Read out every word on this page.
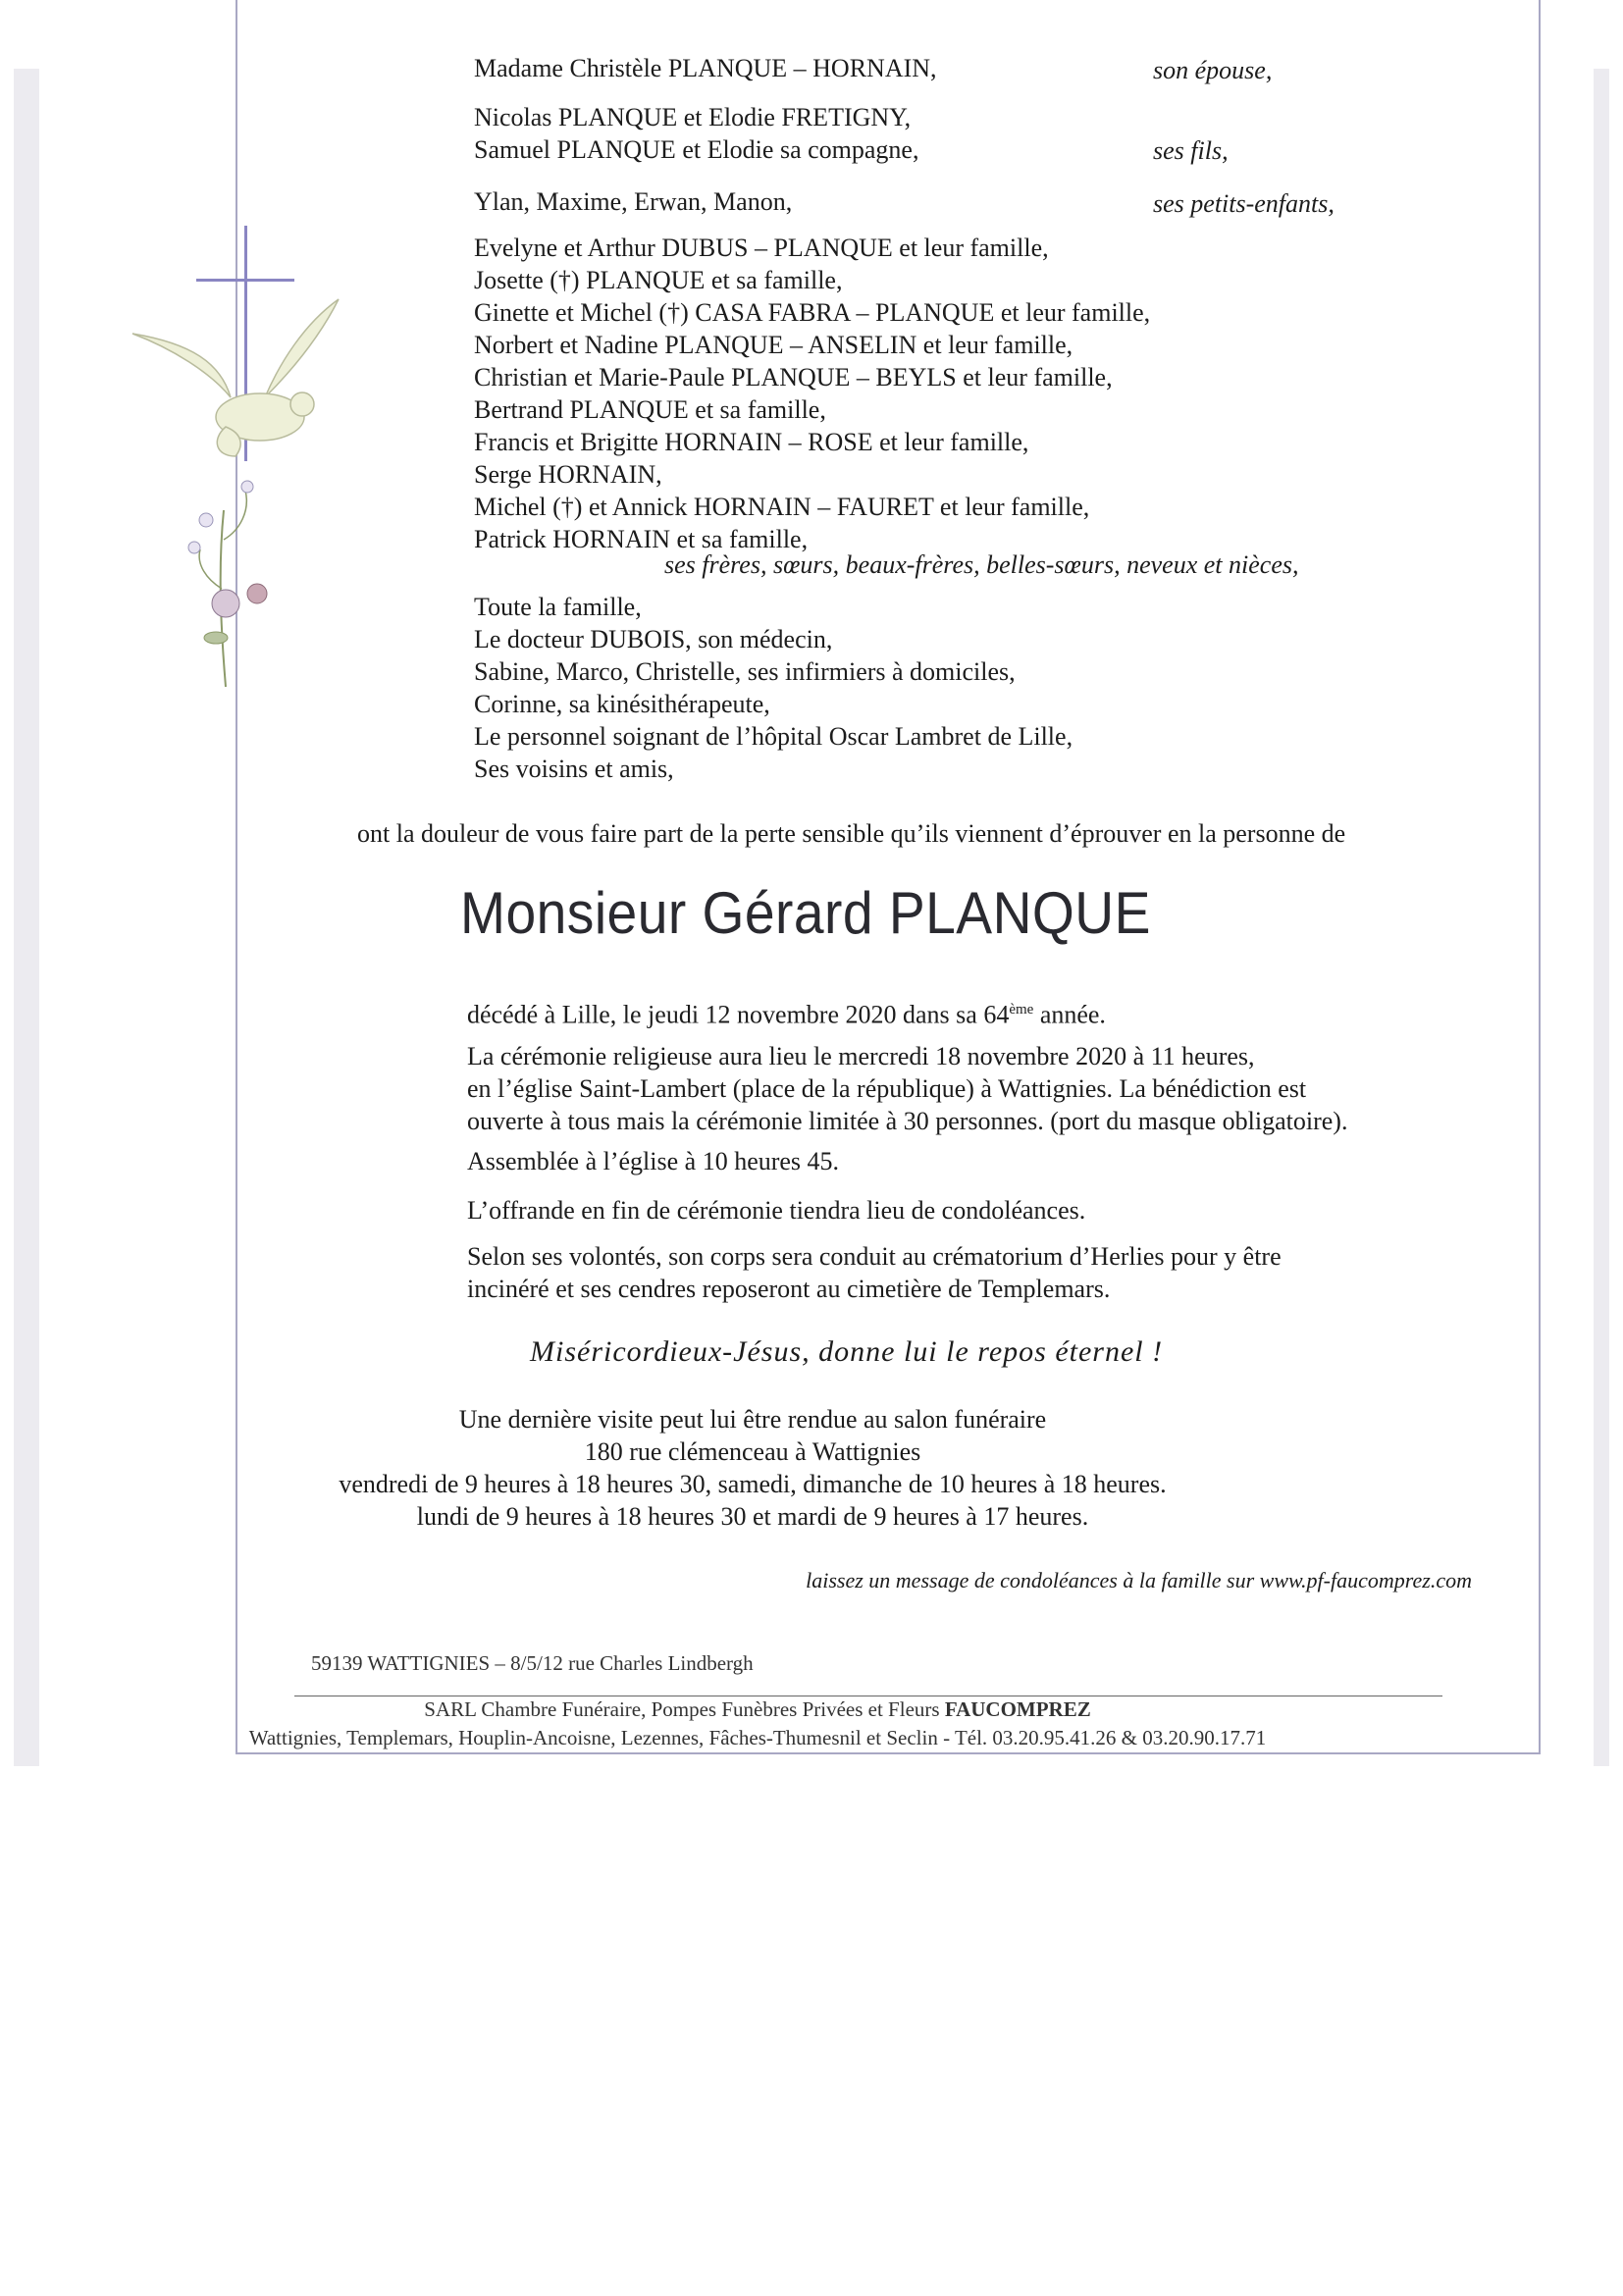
Madame Christèle PLANQUE – HORNAIN,	son épouse,
Nicolas PLANQUE et Elodie FRETIGNY,
Samuel PLANQUE et Elodie sa compagne,	ses fils,
Ylan, Maxime, Erwan, Manon,	ses petits-enfants,
Evelyne et Arthur DUBUS – PLANQUE et leur famille,
Josette (†) PLANQUE et sa famille,
Ginette et Michel (†) CASA FABRA – PLANQUE et leur famille,
Norbert et Nadine PLANQUE – ANSELIN et leur famille,
Christian et Marie-Paule PLANQUE – BEYLS et leur famille,
Bertrand PLANQUE et sa famille,
Francis et Brigitte HORNAIN – ROSE et leur famille,
Serge HORNAIN,
Michel (†) et Annick HORNAIN – FAURET et leur famille,
Patrick HORNAIN et sa famille,
ses frères, sœurs, beaux-frères, belles-sœurs, neveux et nièces,
Toute la famille,
Le docteur DUBOIS, son médecin,
Sabine, Marco, Christelle, ses infirmiers à domiciles,
Corinne, sa kinésithérapeute,
Le personnel soignant de l’hôpital Oscar Lambret de Lille,
Ses voisins et amis,
ont la douleur de vous faire part de la perte sensible qu’ils viennent d’éprouver en la personne de
Monsieur Gérard PLANQUE
décédé à Lille, le jeudi 12 novembre 2020 dans sa 64ème année.
La cérémonie religieuse aura lieu le mercredi 18 novembre 2020 à 11 heures,
en l’église Saint-Lambert (place de la république) à Wattignies. La bénédiction est
ouverte à tous mais la cérémonie limitée à 30 personnes. (port du masque obligatoire).
Assemblée à l’église à 10 heures 45.
L’offrande en fin de cérémonie tiendra lieu de condoléances.
Selon ses volontés, son corps sera conduit au crématorium d’Herlies pour y être
incinéré et ses cendres reposeront au cimetière de Templemars.
Miséricordieux-Jésus, donne lui le repos éternel !
Une dernière visite peut lui être rendue au salon funéraire
180 rue clémenceau à Wattignies
vendredi de 9 heures à 18 heures 30, samedi, dimanche de 10 heures à 18 heures.
lundi de 9 heures à 18 heures 30 et mardi de 9 heures à 17 heures.
laissez un message de condoléances à la famille sur www.pf-faucomprez.com
59139 WATTIGNIES – 8/5/12 rue Charles Lindbergh
SARL Chambre Funéraire, Pompes Funèbres Privées et Fleurs FAUCOMPREZ
Wattignies, Templemars, Houplin-Ancoisne, Lezennes, Fâches-Thumesnil et Seclin - Tél. 03.20.95.41.26 & 03.20.90.17.71
